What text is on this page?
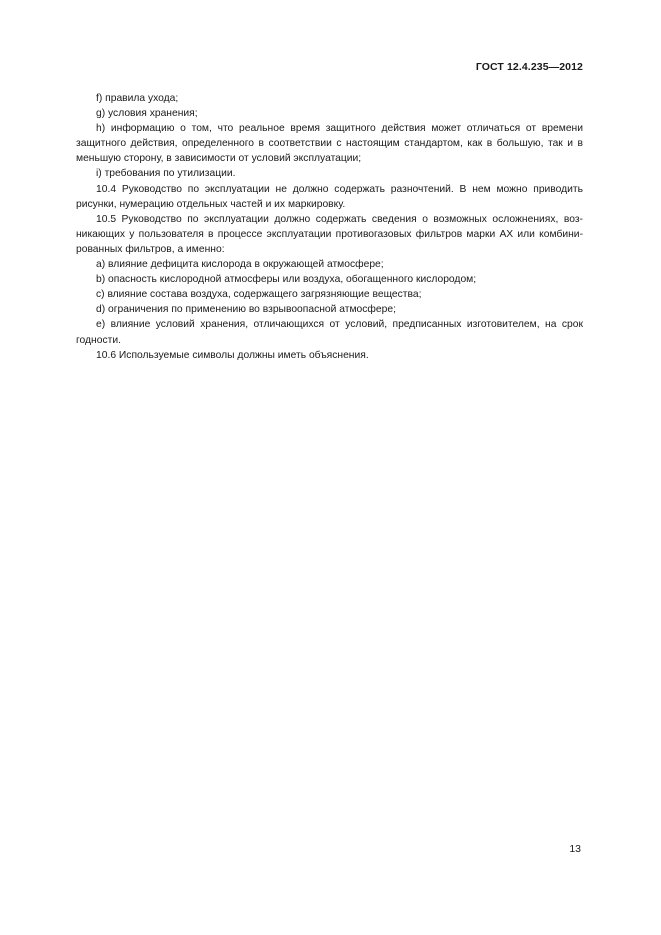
ГОСТ 12.4.235—2012
f) правила ухода;
g) условия хранения;
h) информацию о том, что реальное время защитного действия может отличаться от времени
защитного действия, определенного в соответствии с настоящим стандартом, как в большую, так и в
меньшую сторону, в зависимости от условий эксплуатации;
i) требования по утилизации.
10.4 Руководство по эксплуатации не должно содержать разночтений. В нем можно приводить
рисунки, нумерацию отдельных частей и их маркировку.
10.5 Руководство по эксплуатации должно содержать сведения о возможных осложнениях, воз-
никающих у пользователя в процессе эксплуатации противогазовых фильтров марки АХ или комбини-
рованных фильтров, а именно:
a) влияние дефицита кислорода в окружающей атмосфере;
b) опасность кислородной атмосферы или воздуха, обогащенного кислородом;
c) влияние состава воздуха, содержащего загрязняющие вещества;
d) ограничения по применению во взрывоопасной атмосфере;
e) влияние условий хранения, отличающихся от условий, предписанных изготовителем, на срок
годности.
10.6 Используемые символы должны иметь объяснения.
13
